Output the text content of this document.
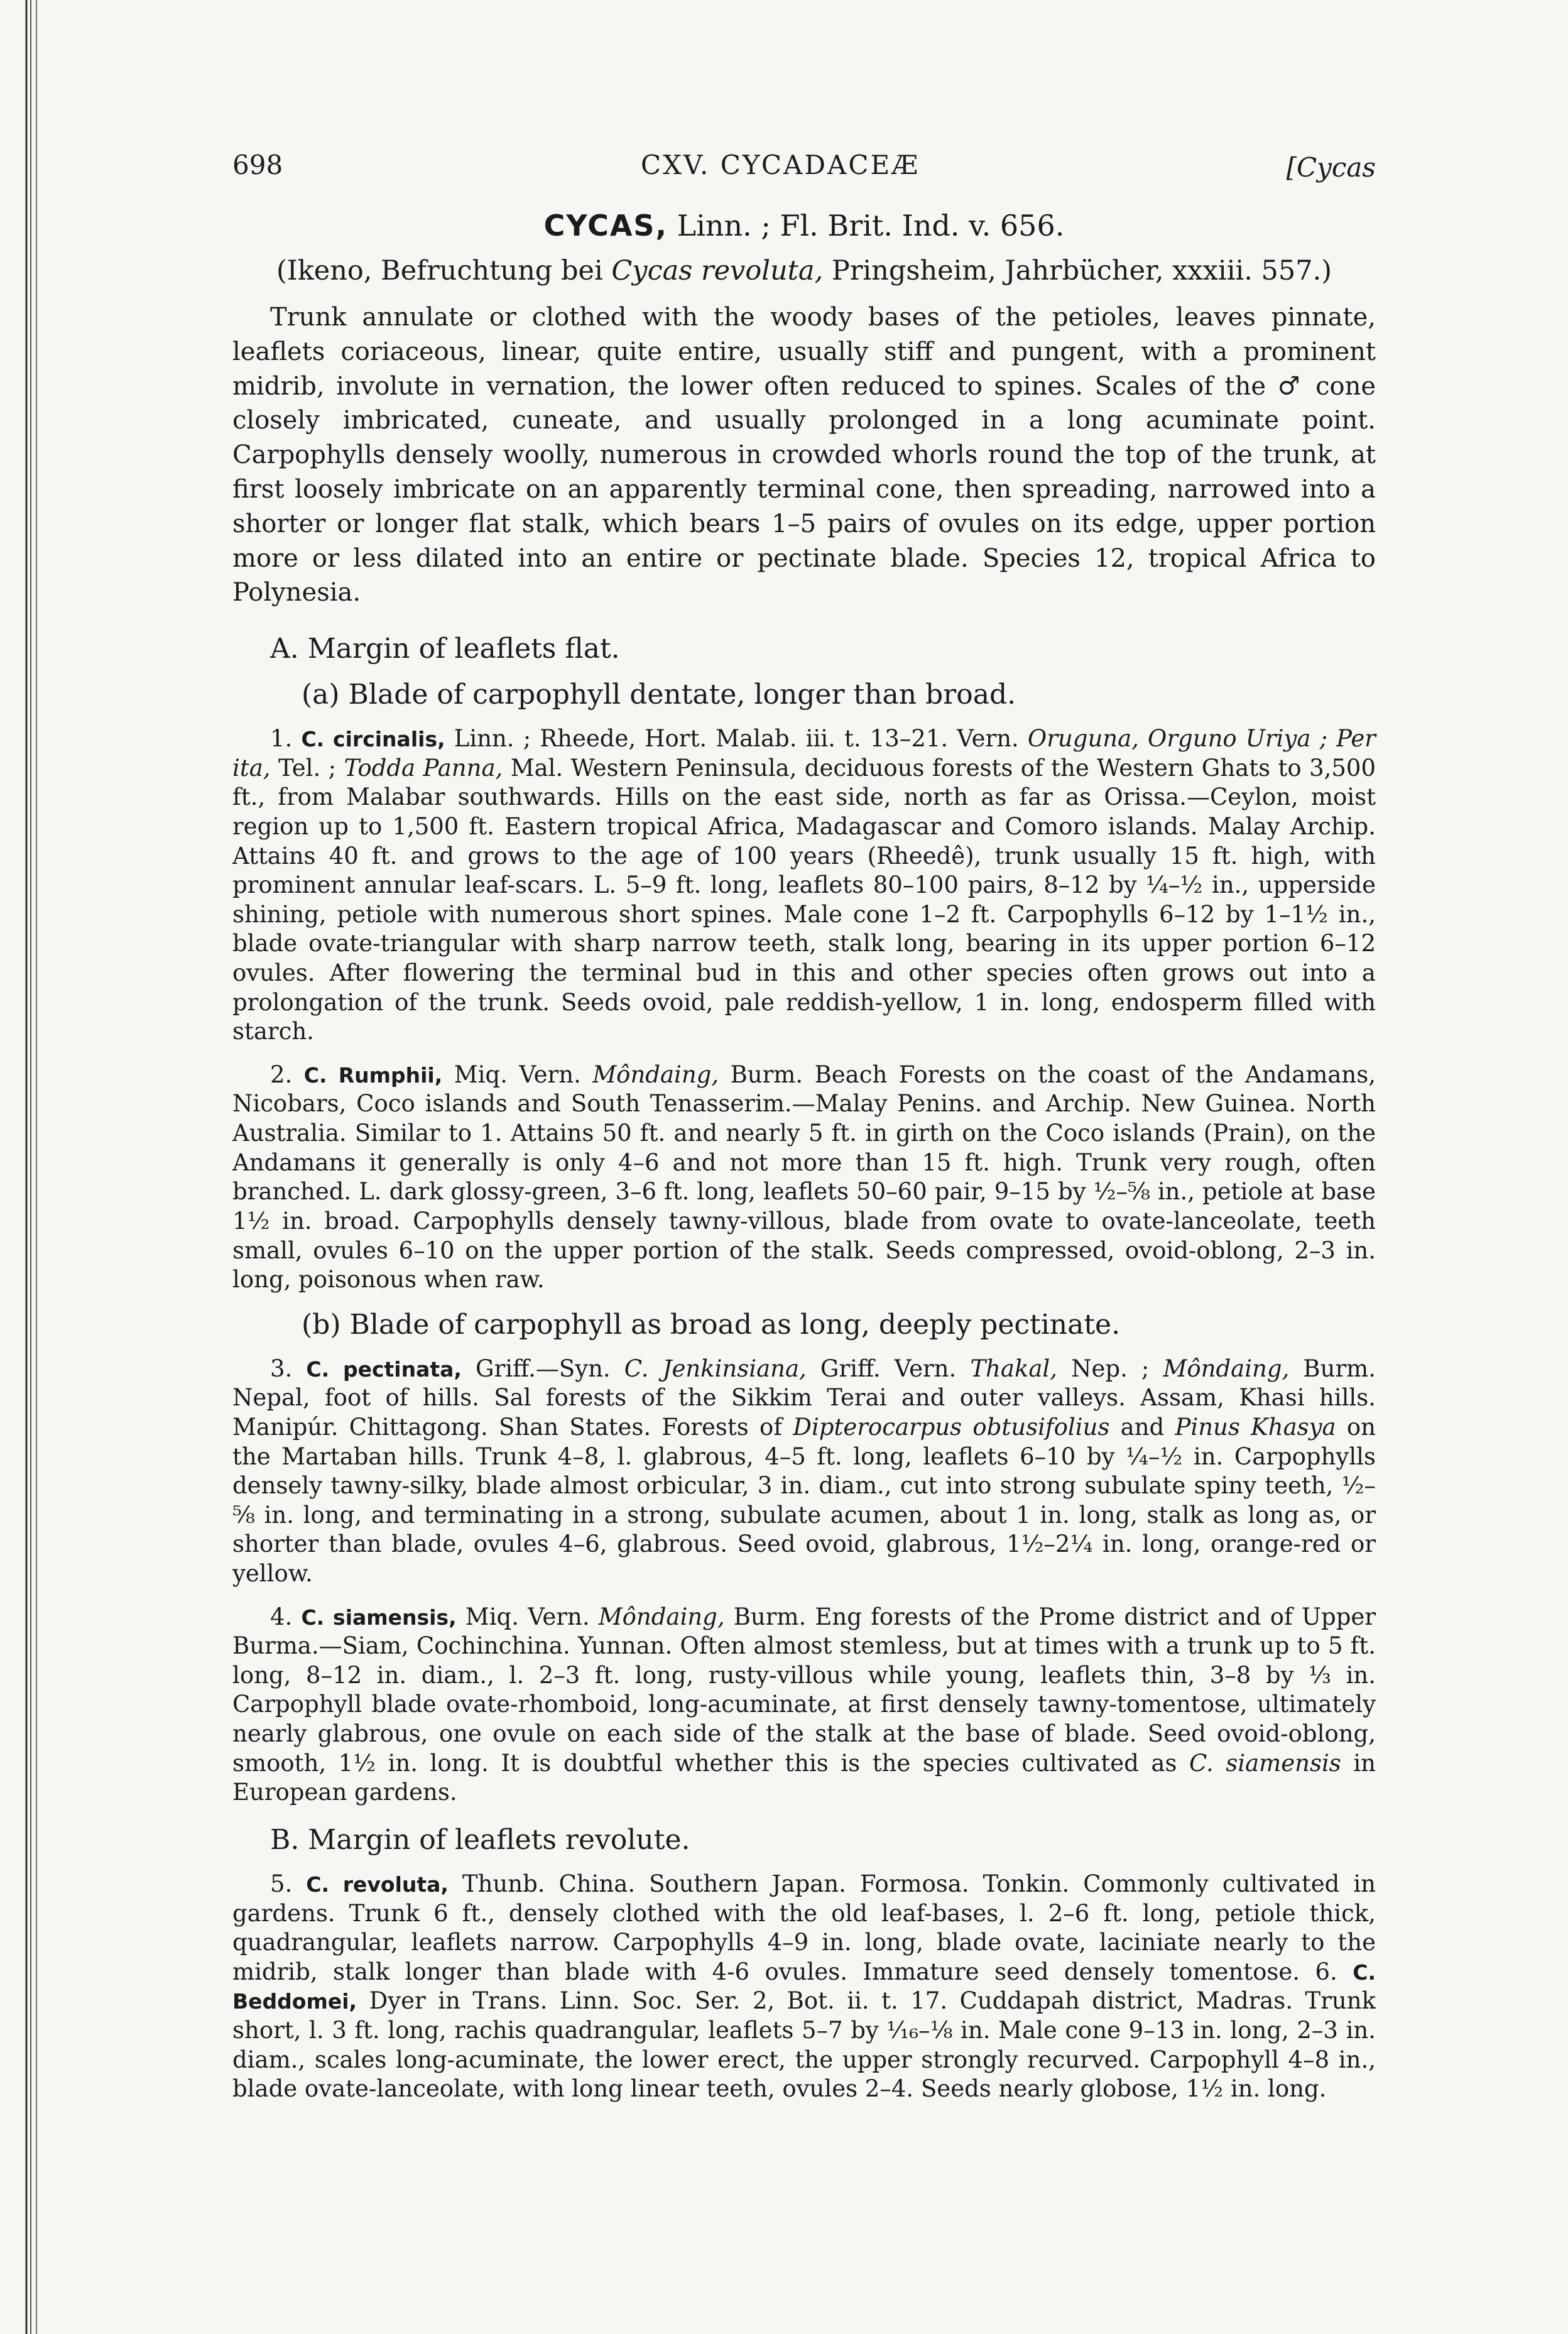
698	CXV. CYCADACEÆ	[Cycas
CYCAS, Linn. ; Fl. Brit. Ind. v. 656.
(Ikeno, Befruchtung bei Cycas revoluta, Pringsheim, Jahrbücher, xxxiii. 557.)

Trunk annulate or clothed with the woody bases of the petioles, leaves pinnate, leaflets coriaceous, linear, quite entire, usually stiff and pungent, with a prominent midrib, involute in vernation, the lower often reduced to spines. Scales of the ♂ cone closely imbricated, cuneate, and usually prolonged in a long acuminate point. Carpophylls densely woolly, numerous in crowded whorls round the top of the trunk, at first loosely imbricate on an apparently terminal cone, then spreading, narrowed into a shorter or longer flat stalk, which bears 1–5 pairs of ovules on its edge, upper portion more or less dilated into an entire or pectinate blade. Species 12, tropical Africa to Polynesia.

A. Margin of leaflets flat.
(a) Blade of carpophyll dentate, longer than broad.

1. C. circinalis, Linn. ; Rheede, Hort. Malab. iii. t. 13–21. Vern. Oruguna, Orguno Uriya ; Per ita, Tel. ; Todda Panna, Mal. Western Peninsula, deciduous forests of the Western Ghats to 3,500 ft., from Malabar southwards. Hills on the east side, north as far as Orissa.—Ceylon, moist region up to 1,500 ft. Eastern tropical Africa, Madagascar and Comoro islands. Malay Archip. Attains 40 ft. and grows to the age of 100 years (Rheedê), trunk usually 15 ft. high, with prominent annular leaf-scars. L. 5–9 ft. long, leaflets 80–100 pairs, 8–12 by ¼–½ in., upperside shining, petiole with numerous short spines. Male cone 1–2 ft. Carpophylls 6–12 by 1–1½ in., blade ovate-triangular with sharp narrow teeth, stalk long, bearing in its upper portion 6–12 ovules. After flowering the terminal bud in this and other species often grows out into a prolongation of the trunk. Seeds ovoid, pale reddish-yellow, 1 in. long, endosperm filled with starch.

2. C. Rumphii, Miq. Vern. Môndaing, Burm. Beach Forests on the coast of the Andamans, Nicobars, Coco islands and South Tenasserim.—Malay Penins. and Archip. New Guinea. North Australia. Similar to 1. Attains 50 ft. and nearly 5 ft. in girth on the Coco islands (Prain), on the Andamans it generally is only 4–6 and not more than 15 ft. high. Trunk very rough, often branched. L. dark glossy-green, 3–6 ft. long, leaflets 50–60 pair, 9–15 by ½–⅝ in., petiole at base 1½ in. broad. Carpophylls densely tawny-villous, blade from ovate to ovate-lanceolate, teeth small, ovules 6–10 on the upper portion of the stalk. Seeds compressed, ovoid-oblong, 2–3 in. long, poisonous when raw.

(b) Blade of carpophyll as broad as long, deeply pectinate.

3. C. pectinata, Griff.—Syn. C. Jenkinsiana, Griff. Vern. Thakal, Nep. ; Môndaing, Burm. Nepal, foot of hills. Sal forests of the Sikkim Terai and outer valleys. Assam, Khasi hills. Manipúr. Chittagong. Shan States. Forests of Dipterocarpus obtusifolius and Pinus Khasya on the Martaban hills. Trunk 4–8, l. glabrous, 4–5 ft. long, leaflets 6–10 by ¼–½ in. Carpophylls densely tawny-silky, blade almost orbicular, 3 in. diam., cut into strong subulate spiny teeth, ½–⅝ in. long, and terminating in a strong, subulate acumen, about 1 in. long, stalk as long as, or shorter than blade, ovules 4–6, glabrous. Seed ovoid, glabrous, 1½–2¼ in. long, orange-red or yellow.

4. C. siamensis, Miq. Vern. Môndaing, Burm. Eng forests of the Prome district and of Upper Burma.—Siam, Cochinchina. Yunnan. Often almost stemless, but at times with a trunk up to 5 ft. long, 8–12 in. diam., l. 2–3 ft. long, rusty-villous while young, leaflets thin, 3–8 by ⅓ in. Carpophyll blade ovate-rhomboid, long-acuminate, at first densely tawny-tomentose, ultimately nearly glabrous, one ovule on each side of the stalk at the base of blade. Seed ovoid-oblong, smooth, 1½ in. long. It is doubtful whether this is the species cultivated as C. siamensis in European gardens.

B. Margin of leaflets revolute.

5. C. revoluta, Thunb. China. Southern Japan. Formosa. Tonkin. Commonly cultivated in gardens. Trunk 6 ft., densely clothed with the old leaf-bases, l. 2–6 ft. long, petiole thick, quadrangular, leaflets narrow. Carpophylls 4–9 in. long, blade ovate, laciniate nearly to the midrib, stalk longer than blade with 4-6 ovules. Immature seed densely tomentose. 6. C. Beddomei, Dyer in Trans. Linn. Soc. Ser. 2, Bot. ii. t. 17. Cuddapah district, Madras. Trunk short, l. 3 ft. long, rachis quadrangular, leaflets 5–7 by ¹⁄₁₆–⅛ in. Male cone 9–13 in. long, 2–3 in. diam., scales long-acuminate, the lower erect, the upper strongly recurved. Carpophyll 4–8 in., blade ovate-lanceolate, with long linear teeth, ovules 2–4. Seeds nearly globose, 1½ in. long.
